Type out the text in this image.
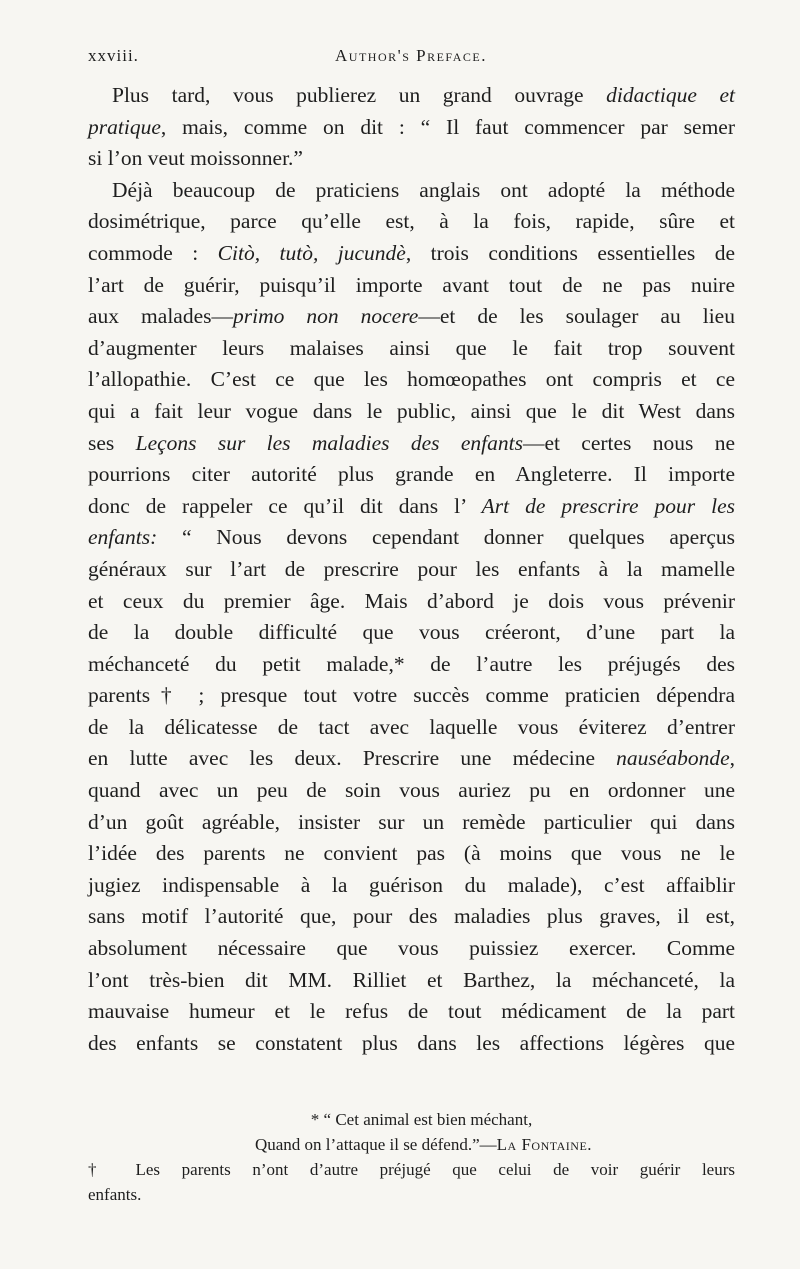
xxviii.	Author's Preface.
Plus tard, vous publierez un grand ouvrage didactique et
pratique, mais, comme on dit : “ Il faut commencer par semer
si l’on veut moissonner.”
Déjà beaucoup de praticiens anglais ont adopté la méthode
dosimétrique, parce qu’elle est, à la fois, rapide, sûre et
commode : Citò, tutò, jucundè, trois conditions essentielles de
l’art de guérir, puisqu’il importe avant tout de ne pas nuire
aux malades—primo non nocere—et de les soulager au lieu
d’augmenter leurs malaises ainsi que le fait trop souvent
l’allopathie. C’est ce que les homœopathes ont compris et ce
qui a fait leur vogue dans le public, ainsi que le dit West dans
ses Leçons sur les maladies des enfants—et certes nous ne
pourrions citer autorité plus grande en Angleterre. Il importe
donc de rappeler ce qu’il dit dans l’ Art de prescrire pour les
enfants: “ Nous devons cependant donner quelques aperçus
généraux sur l’art de prescrire pour les enfants à la mamelle
et ceux du premier âge. Mais d’abord je dois vous prévenir
de la double difficulté que vous créeront, d’une part la
méchanceté du petit malade,* de l’autre les préjugés des
parents† ; presque tout votre succès comme praticien dépendra
de la délicatesse de tact avec laquelle vous éviterez d’entrer
en lutte avec les deux. Prescrire une médecine nauséabonde,
quand avec un peu de soin vous auriez pu en ordonner une
d’un goût agréable, insister sur un remède particulier qui dans
l’idée des parents ne convient pas (à moins que vous ne le
jugiez indispensable à la guérison du malade), c’est affaiblir
sans motif l’autorité que, pour des maladies plus graves, il est,
absolument nécessaire que vous puissiez exercer. Comme
l’ont très-bien dit MM. Rilliet et Barthez, la méchanceté, la
mauvaise humeur et le refus de tout médicament de la part
des enfants se constatent plus dans les affections légères que
* “ Cet animal est bien méchant,
Quand on l’attaque il se défend.”—La Fontaine.
† Les parents n’ont d’autre préjugé que celui de voir guérir leurs
enfants.
